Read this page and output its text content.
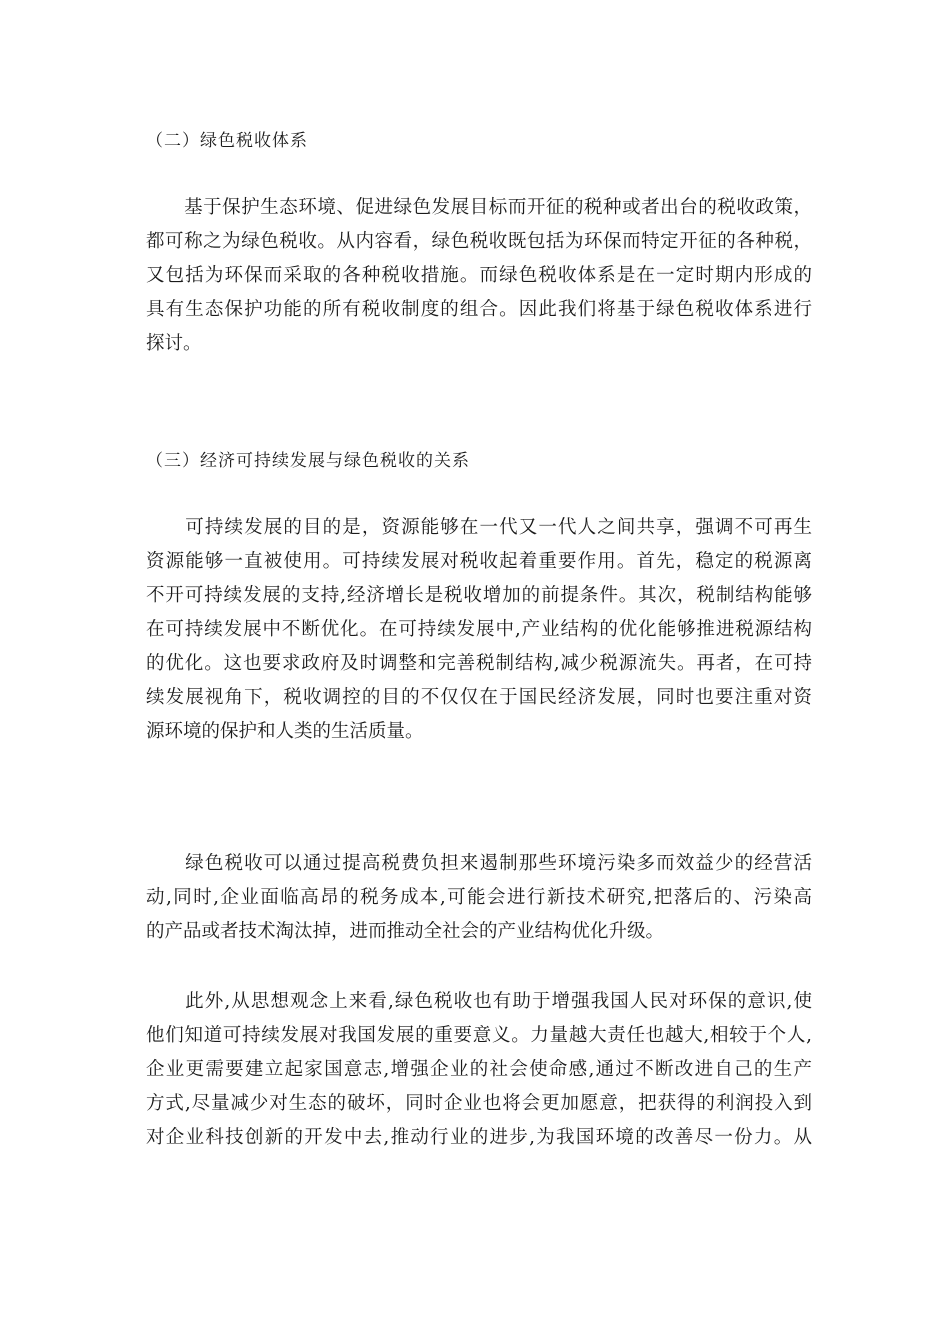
（二）绿色税收体系
　　基于保护生态环境、促进绿色发展目标而开征的税种或者出台的税收政策，
都可称之为绿色税收。从内容看，绿色税收既包括为环保而特定开征的各种税，
又包括为环保而采取的各种税收措施。而绿色税收体系是在一定时期内形成的
具有生态保护功能的所有税收制度的组合。因此我们将基于绿色税收体系进行
探讨。
（三）经济可持续发展与绿色税收的关系
　　可持续发展的目的是，资源能够在一代又一代人之间共享，强调不可再生
资源能够一直被使用。可持续发展对税收起着重要作用。首先，稳定的税源离
不开可持续发展的支持,经济增长是税收增加的前提条件。其次，税制结构能够
在可持续发展中不断优化。在可持续发展中,产业结构的优化能够推进税源结构
的优化。这也要求政府及时调整和完善税制结构,减少税源流失。再者，在可持
续发展视角下，税收调控的目的不仅仅在于国民经济发展，同时也要注重对资
源环境的保护和人类的生活质量。
　　绿色税收可以通过提高税费负担来遏制那些环境污染多而效益少的经营活
动,同时,企业面临高昂的税务成本,可能会进行新技术研究,把落后的、污染高
的产品或者技术淘汰掉，进而推动全社会的产业结构优化升级。
　　此外,从思想观念上来看,绿色税收也有助于增强我国人民对环保的意识,使
他们知道可持续发展对我国发展的重要意义。力量越大责任也越大,相较于个人,
企业更需要建立起家国意志,增强企业的社会使命感,通过不断改进自己的生产
方式,尽量减少对生态的破坏，同时企业也将会更加愿意，把获得的利润投入到
对企业科技创新的开发中去,推动行业的进步,为我国环境的改善尽一份力。从
